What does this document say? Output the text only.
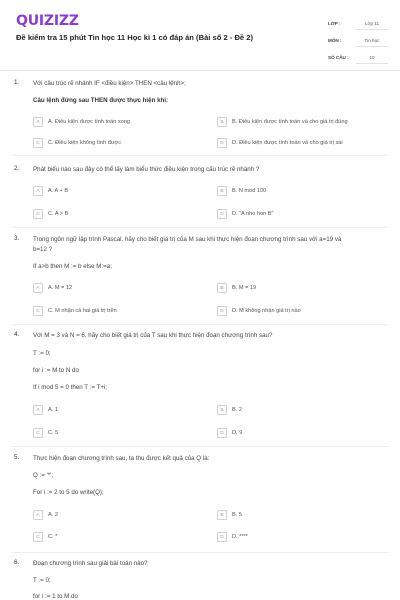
QUIZIZZ
Đề kiểm tra 15 phút Tin học 11 Học kì 1 có đáp án (Bài số 2 - Đề 2)
LỚP :	Lớp 11
MÔN :	Tin học
SỐ CÂU :	10
1. Với câu trúc rẽ nhánh IF <điều kiện> THEN <câu lệnh>;
Câu lệnh đứng sau THEN được thực hiện khi:
A	A. Điều kiện được tính toán xong	B	B. Điều kiện được tính toán và cho giá trị đúng
C	C. Điều kiện không tính được	D	D. Điều kiện được tính toán và cho giá trị sai
2. Phát biểu nào sau đây có thể lấy làm biểu thức điều kiện trong cấu trúc rẽ nhánh ?
A	A. A + B	B	B. N mod 100
C	C. A > B	D	D. “A nho hon B”
3. Trong ngôn ngữ lập trình Pascal, hãy cho biết giá trị của M sau khi thực hiện đoạn chương trình sau với a=19 và
b=12 ?
If a>b then M := b else M:=a;
A	A. M = 12	B	B. M = 19
C	C. M nhận cả hai giá trị trên	D	D. M không nhận giá trị nào
4. Với M = 3 và N = 6, hãy cho biết giá trị của T sau khi thực hiện đoạn chương trình sau?
T := 0;
for i := M to N do
If i mod 5 = 0 then T := T+i;
A	A. 1	B	B. 2
C	C. 5	D	D. 9
5. Thực hiện đoạn chương trình sau, ta thu được kết quả của Q là:
Q := '*';
For i := 2 to 5 do write(Q);
A	A. 2	B	B. 5
C	C. *	D	D. ****
6. Đoạn chương trình sau giải bài toán nào?
T := 0;
for i := 1 to M do
